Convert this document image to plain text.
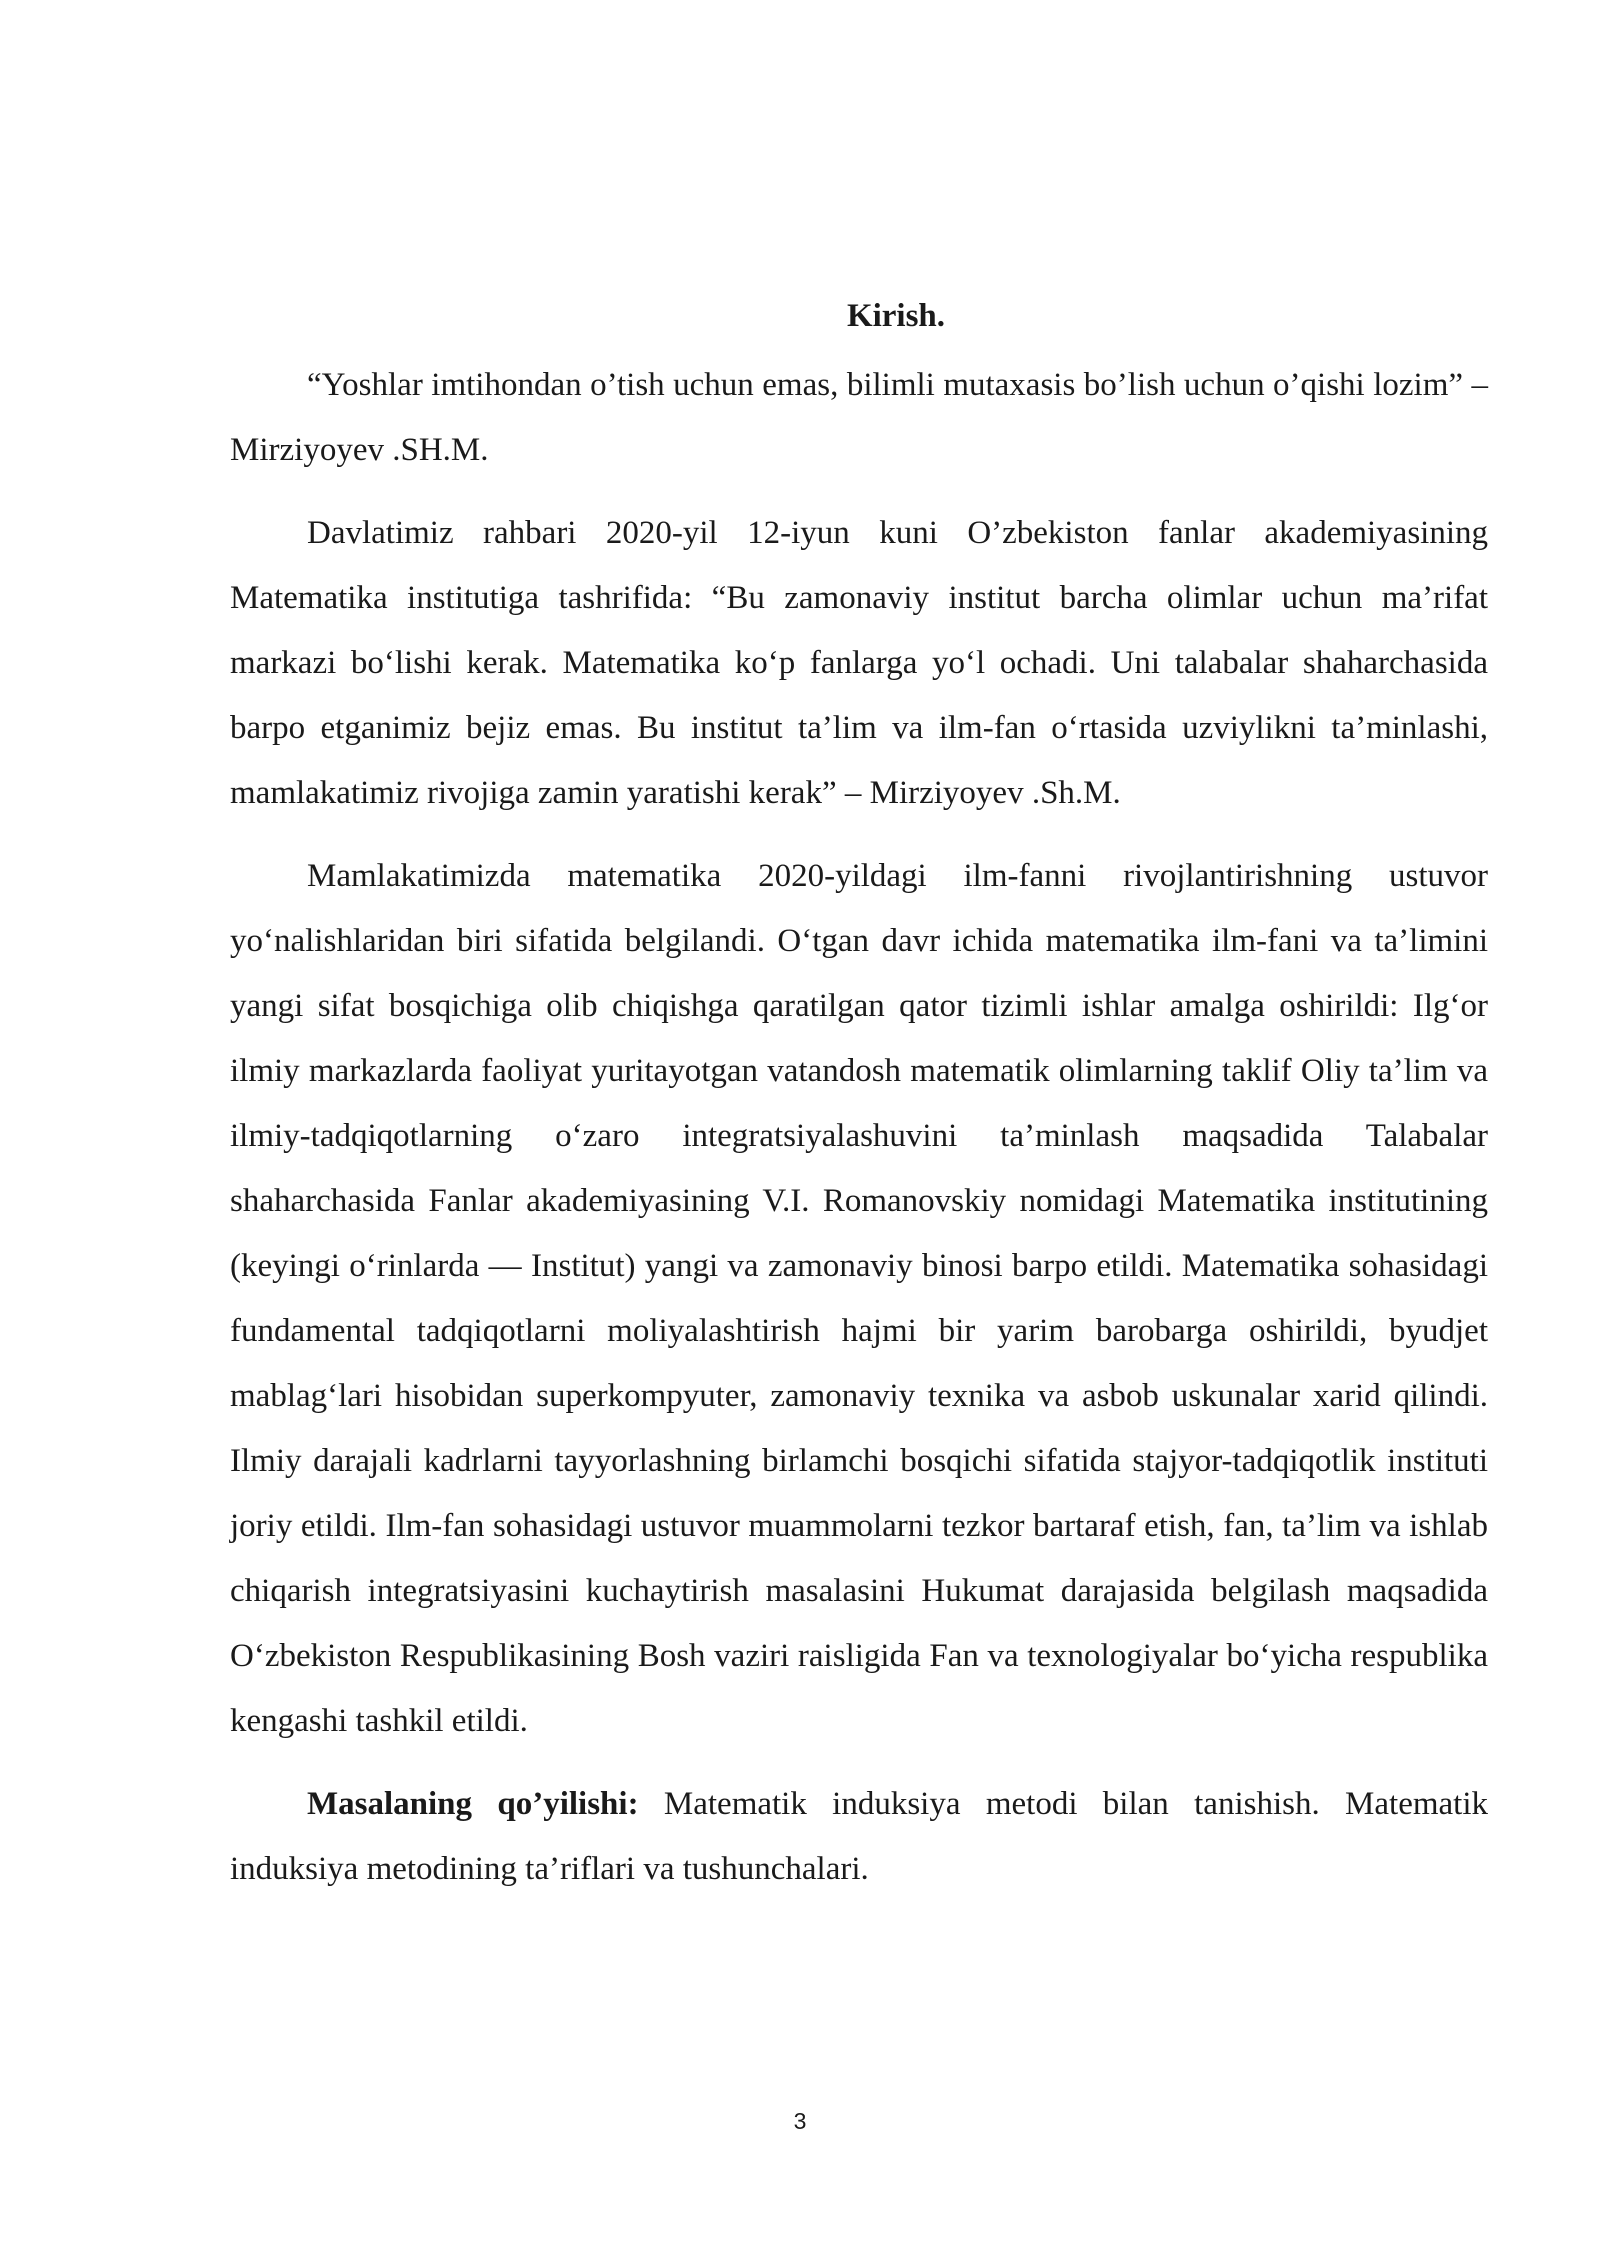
Kirish.

“Yoshlar imtihondan o’tish uchun emas, bilimli mutaxasis bo’lish uchun o’qishi lozim” – Mirziyoyev .SH.M.

Davlatimiz rahbari 2020-yil 12-iyun kuni O’zbekiston fanlar akademiyasining Matematika institutiga tashrifida: “Bu zamonaviy institut barcha olimlar uchun ma’rifat markazi bo‘lishi kerak. Matematika ko‘p fanlarga yo‘l ochadi. Uni talabalar shaharchasida barpo etganimiz bejiz emas. Bu institut ta’lim va ilm-fan o‘rtasida uzviylikni ta’minlashi, mamlakatimiz rivojiga zamin yaratishi kerak” – Mirziyoyev .Sh.M.

Mamlakatimizda matematika 2020-yildagi ilm-fanni rivojlantirishning ustuvor yo‘nalishlaridan biri sifatida belgilandi. O‘tgan davr ichida matematika ilm-fani va ta’limini yangi sifat bosqichiga olib chiqishga qaratilgan qator tizimli ishlar amalga oshirildi: Ilg‘or ilmiy markazlarda faoliyat yuritayotgan vatandosh matematik olimlarning taklif Oliy ta’lim va ilmiy-tadqiqotlarning o‘zaro integratsiyalashuvini ta’minlash maqsadida Talabalar shaharchasida Fanlar akademiyasining V.I. Romanovskiy nomidagi Matematika institutining (keyingi o‘rinlarda — Institut) yangi va zamonaviy binosi barpo etildi. Matematika sohasidagi fundamental tadqiqotlarni moliyalashtirish hajmi bir yarim barobarga oshirildi, byudjet mablag‘lari hisobidan superkompyuter, zamonaviy texnika va asbob uskunalar xarid qilindi. Ilmiy darajali kadrlarni tayyorlashning birlamchi bosqichi sifatida stajyor-tadqiqotlik instituti joriy etildi. Ilm-fan sohasidagi ustuvor muammolarni tezkor bartaraf etish, fan, ta’lim va ishlab chiqarish integratsiyasini kuchaytirish masalasini Hukumat darajasida belgilash maqsadida O‘zbekiston Respublikasining Bosh vaziri raisligida Fan va texnologiyalar bo‘yicha respublika kengashi tashkil etildi.

Masalaning qo’yilishi: Matematik induksiya metodi bilan tanishish. Matematik induksiya metodining ta’riflari va tushunchalari.

3
